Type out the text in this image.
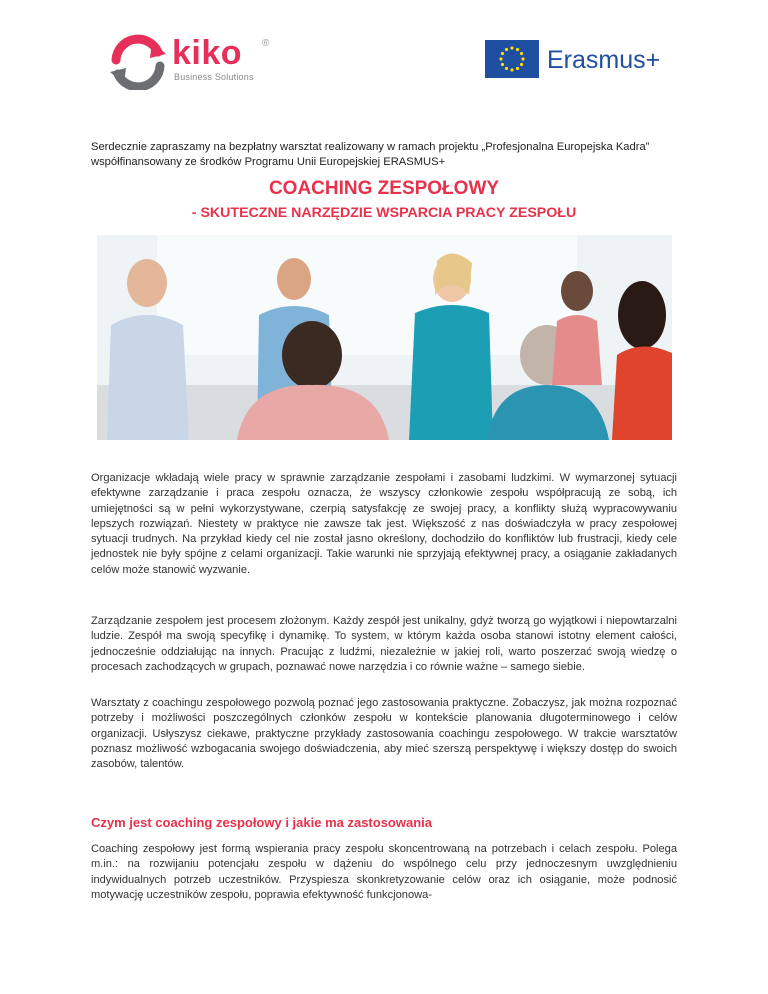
kiko ®
Business Solutions
Erasmus+
Serdecznie zapraszamy na bezpłatny warsztat realizowany w ramach projektu „Profesjonalna Europejska Kadra” współfinansowany ze środków Programu Unii Europejskiej ERASMUS+
COACHING ZESPOŁOWY
- SKUTECZNE NARZĘDZIE WSPARCIA PRACY ZESPOŁU

Organizacje wkładają wiele pracy w sprawnie zarządzanie zespołami i zasobami ludzkimi. W wymarzonej sytuacji efektywne zarządzanie i praca zespołu oznacza, że wszyscy członkowie zespołu współpracują ze sobą, ich umiejętności są w pełni wykorzystywane, czerpią satysfakcję ze swojej pracy, a konflikty służą wypracowywaniu lepszych rozwiązań. Niestety w praktyce nie zawsze tak jest. Większość z nas doświadczyła w pracy zespołowej sytuacji trudnych. Na przykład kiedy cel nie został jasno określony, dochodziło do konfliktów lub frustracji, kiedy cele jednostek nie były spójne z celami organizacji. Takie warunki nie sprzyjają efektywnej pracy, a osiąganie zakładanych celów może stanowić wyzwanie.

Zarządzanie zespołem jest procesem złożonym. Każdy zespół jest unikalny, gdyż tworzą go wyjątkowi i niepowtarzalni ludzie. Zespół ma swoją specyfikę i dynamikę. To system, w którym każda osoba stanowi istotny element całości, jednocześnie oddziałując na innych. Pracując z ludźmi, niezależnie w jakiej roli, warto poszerzać swoją wiedzę o procesach zachodzących w grupach, poznawać nowe narzędzia i co równie ważne – samego siebie.

Warsztaty z coachingu zespołowego pozwolą poznać jego zastosowania praktyczne. Zobaczysz, jak można rozpoznać potrzeby i możliwości poszczególnych członków zespołu w kontekście planowania długoterminowego i celów organizacji. Usłyszysz ciekawe, praktyczne przykłady zastosowania coachingu zespołowego. W trakcie warsztatów poznasz możliwość wzbogacania swojego doświadczenia, aby mieć szerszą perspektywę i większy dostęp do swoich zasobów, talentów.

Czym jest coaching zespołowy i jakie ma zastosowania

Coaching zespołowy jest formą wspierania pracy zespołu skoncentrowaną na potrzebach i celach zespołu. Polega m.in.: na rozwijaniu potencjału zespołu w dążeniu do wspólnego celu przy jednoczesnym uwzględnieniu indywidualnych potrzeb uczestników. Przyspiesza skonkretyzowanie celów oraz ich osiąganie, może podnosić motywację uczestników zespołu, poprawia efektywność funkcjonowa-
